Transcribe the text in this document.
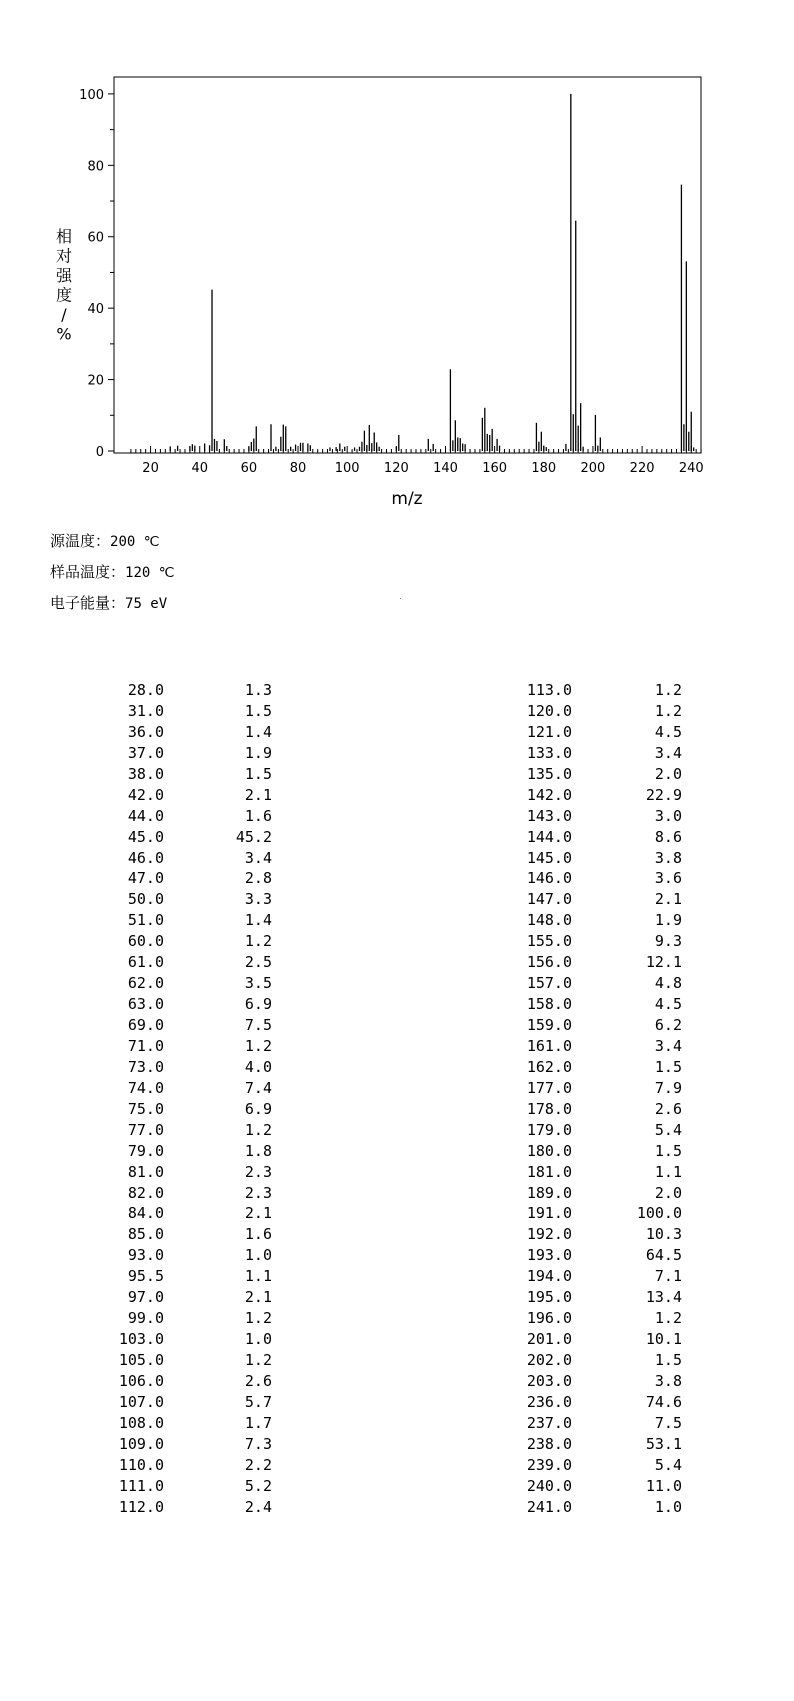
0
20
40
60
80
100
20	40	60	80 100 120 140 160 180 200 220 240
m/z
相
对
强
度
/
%
源温度：200 ℃
样品温度：120 ℃
电子能量：75 eV
28.0	1.3
31.0	1.5
36.0	1.4
37.0	1.9
38.0	1.5
42.0	2.1
44.0	1.6
45.0	45.2
46.0	3.4
47.0	2.8
50.0	3.3
51.0	1.4
60.0	1.2
61.0	2.5
62.0	3.5
63.0	6.9
69.0	7.5
71.0	1.2
73.0	4.0
74.0	7.4
75.0	6.9
77.0	1.2
79.0	1.8
81.0	2.3
82.0	2.3
84.0	2.1
85.0	1.6
93.0	1.0
95.5	1.1
97.0	2.1
99.0	1.2
103.0	1.0
105.0	1.2
106.0	2.6
107.0	5.7
108.0	1.7
109.0	7.3
110.0	2.2
111.0	5.2
112.0	2.4
113.0	1.2
120.0	1.2
121.0	4.5
133.0	3.4
135.0	2.0
142.0	22.9
143.0	3.0
144.0	8.6
145.0	3.8
146.0	3.6
147.0	2.1
148.0	1.9
155.0	9.3
156.0	12.1
157.0	4.8
158.0	4.5
159.0	6.2
161.0	3.4
162.0	1.5
177.0	7.9
178.0	2.6
179.0	5.4
180.0	1.5
181.0	1.1
189.0	2.0
191.0	100.0
192.0	10.3
193.0	64.5
194.0	7.1
195.0	13.4
196.0	1.2
201.0	10.1
202.0	1.5
203.0	3.8
236.0	74.6
237.0	7.5
238.0	53.1
239.0	5.4
240.0	11.0
241.0	1.0
